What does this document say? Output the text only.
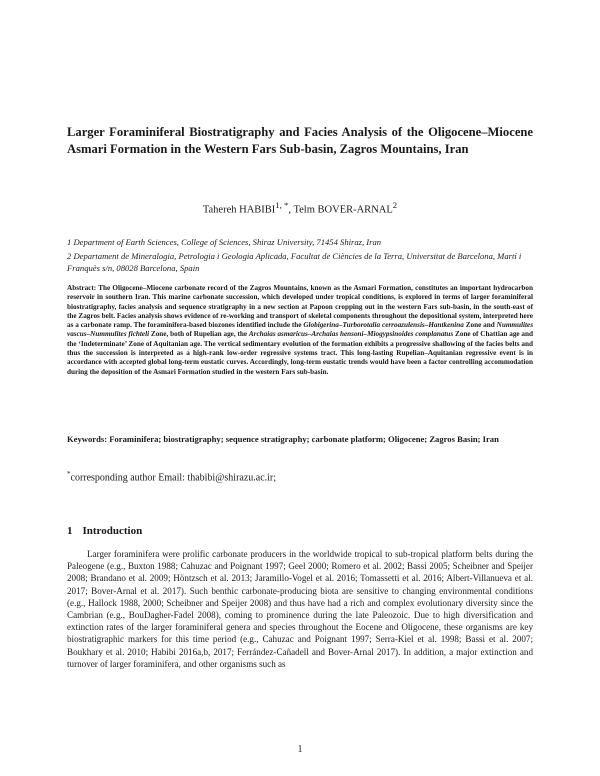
Larger Foraminiferal Biostratigraphy and Facies Analysis of the Oligocene–Miocene Asmari Formation in the Western Fars Sub-basin, Zagros Mountains, Iran
Tahereh $HABIBI^{1, *}$, Telm BOVER-ARNAL$^2$
1 Department of Earth Sciences, College of Sciences, Shiraz University, 71454 Shiraz, Iran
2 Departament de Mineralogia, Petrologia i Geologia Aplicada, Facultat de Ciències de la Terra, Universitat de Barcelona, Martí i Franquès s/n, 08028 Barcelona, Spain
Abstract: The Oligocene–Miocene carbonate record of the Zagros Mountains, known as the Asmari Formation, constitutes an important hydrocarbon reservoir in southern Iran. This marine carbonate succession, which developed under tropical conditions, is explored in terms of larger foraminiferal biostratigraphy, facies analysis and sequence stratigraphy in a new section at Papoon cropping out in the western Fars sub-basin, in the south-east of the Zagros belt. Facies analysis shows evidence of re-working and transport of skeletal components throughout the depositional system, interpreted here as a carbonate ramp. The foraminifera-based biozones identified include the Globigerina–Turborotalia cerroazulensis–Hantkenina Zone and Nummulites vascus–Nummulites fichteli Zone, both of Rupelian age, the Archaias asmaricus–Archaias hensoni–Miogypsinoides complanatus Zone of Chattian age and the ‘Indeterminate’ Zone of Aquitanian age. The vertical sedimentary evolution of the formation exhibits a progressive shallowing of the facies belts and thus the succession is interpreted as a high-rank low-order regressive systems tract. This long-lasting Rupelian–Aquitanian regressive event is in accordance with accepted global long-term eustatic curves. Accordingly, long-term eustatic trends would have been a factor controlling accommodation during the deposition of the Asmari Formation studied in the western Fars sub-basin.
Keywords: Foraminifera; biostratigraphy; sequence stratigraphy; carbonate platform; Oligocene; Zagros Basin; Iran
*corresponding author Email: thabibi@shirazu.ac.ir;
1 Introduction
Larger foraminifera were prolific carbonate producers in the worldwide tropical to sub-tropical platform belts during the Paleogene (e.g., Buxton 1988; Cahuzac and Poignant 1997; Geel 2000; Romero et al. 2002; Bassi 2005; Scheibner and Speijer 2008; Brandano et al. 2009; Höntzsch et al. 2013; Jaramillo-Vogel et al. 2016; Tomassetti et al. 2016; Albert-Villanueva et al. 2017; Bover-Arnal et al. 2017). Such benthic carbonate-producing biota are sensitive to changing environmental conditions (e.g., Hallock 1988, 2000; Scheibner and Speijer 2008) and thus have had a rich and complex evolutionary diversity since the Cambrian (e.g., BouDagher-Fadel 2008), coming to prominence during the late Paleozoic. Due to high diversification and extinction rates of the larger foraminiferal genera and species throughout the Eocene and Oligocene, these organisms are key biostratigraphic markers for this time period (e.g., Cahuzac and Poignant 1997; Serra-Kiel et al. 1998; Bassi et al. 2007; Boukhary et al. 2010; Habibi 2016a,b, 2017; Ferrández-Cañadell and Bover-Arnal 2017). In addition, a major extinction and turnover of larger foraminifera, and other organisms such as
1
